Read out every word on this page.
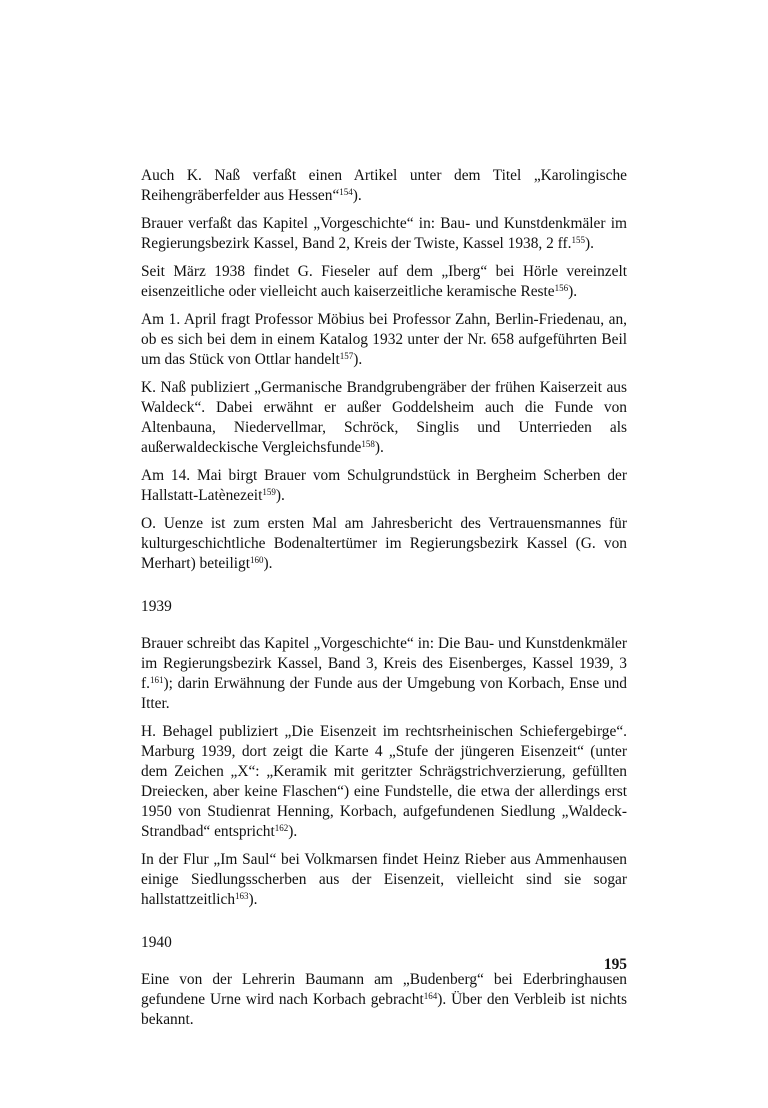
Auch K. Naß verfaßt einen Artikel unter dem Titel „Karolingische Reihengräberfelder aus Hessen“$^{154}$).

Brauer verfaßt das Kapitel „Vorgeschichte“ in: Bau- und Kunstdenkmäler im Regierungsbezirk Kassel, Band 2, Kreis der Twiste, Kassel 1938, 2 ff.$^{155}$).

Seit März 1938 findet G. Fieseler auf dem „Iberg“ bei Hörle vereinzelt eisenzeitliche oder vielleicht auch kaiserzeitliche keramische Reste$^{156}$).

Am 1. April fragt Professor Möbius bei Professor Zahn, Berlin-Friedenau, an, ob es sich bei dem in einem Katalog 1932 unter der Nr. 658 aufgeführten Beil um das Stück von Ottlar handelt$^{157}$).

K. Naß publiziert „Germanische Brandgrubengräber der frühen Kaiserzeit aus Waldeck“. Dabei erwähnt er außer Goddelsheim auch die Funde von Altenbauna, Niedervellmar, Schröck, Singlis und Unterrieden als außerwaldeckische Vergleichsfunde$^{158}$).

Am 14. Mai birgt Brauer vom Schulgrundstück in Bergheim Scherben der Hallstatt-Latènezeit$^{159}$).

O. Uenze ist zum ersten Mal am Jahresbericht des Vertrauensmannes für kulturgeschichtliche Bodenaltertümer im Regierungsbezirk Kassel (G. von Merhart) beteiligt$^{160}$).

1939

Brauer schreibt das Kapitel „Vorgeschichte“ in: Die Bau- und Kunstdenkmäler im Regierungsbezirk Kassel, Band 3, Kreis des Eisenberges, Kassel 1939, 3 f.$^{161}$); darin Erwähnung der Funde aus der Umgebung von Korbach, Ense und Itter.

H. Behagel publiziert „Die Eisenzeit im rechtsrheinischen Schiefergebirge“. Marburg 1939, dort zeigt die Karte 4 „Stufe der jüngeren Eisenzeit“ (unter dem Zeichen „X“: „Keramik mit geritzter Schrägstrichverzierung, gefüllten Dreiecken, aber keine Flaschen“) eine Fundstelle, die etwa der allerdings erst 1950 von Studienrat Henning, Korbach, aufgefundenen Siedlung „Waldeck-Strandbad“ entspricht$^{162}$).

In der Flur „Im Saul“ bei Volkmarsen findet Heinz Rieber aus Ammenhausen einige Siedlungsscherben aus der Eisenzeit, vielleicht sind sie sogar hallstattzeitlich$^{163}$).

1940

Eine von der Lehrerin Baumann am „Budenberg“ bei Ederbringhausen gefundene Urne wird nach Korbach gebracht$^{164}$). Über den Verbleib ist nichts bekannt.

195
